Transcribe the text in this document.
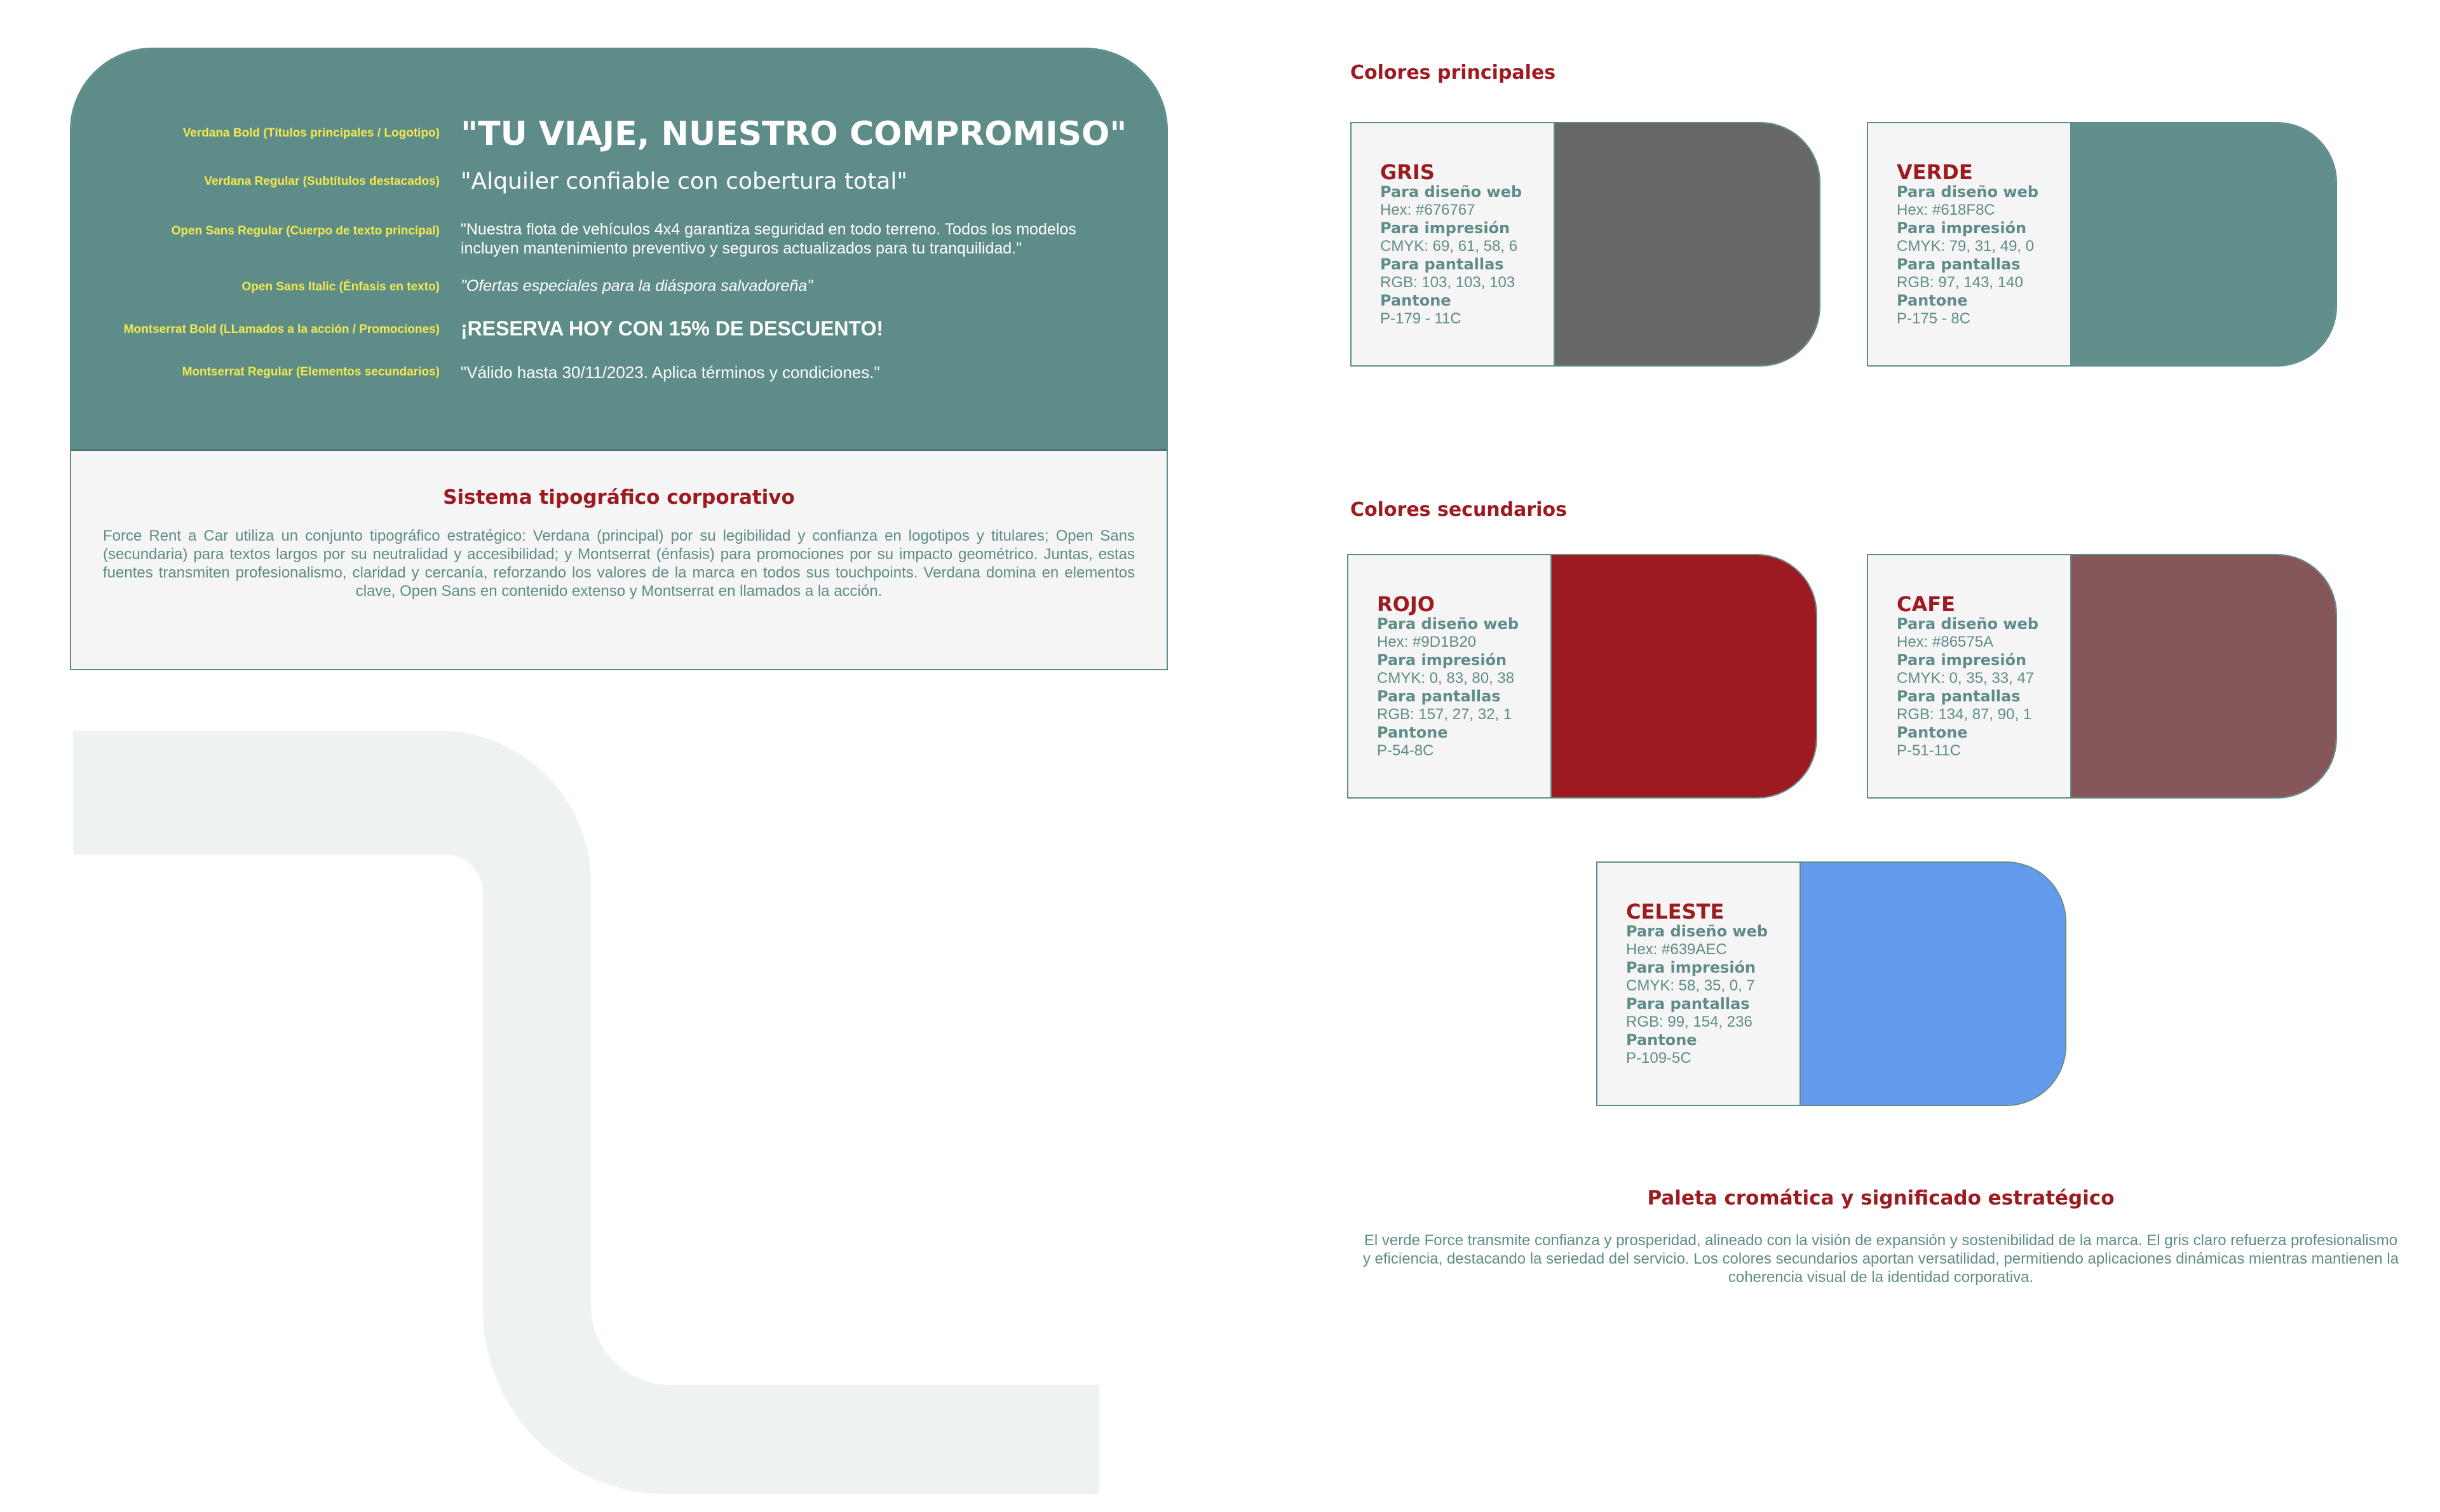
Verdana Bold (Títulos principales / Logotipo) "TU VIAJE, NUESTRO COMPROMISO"
Verdana Regular (Subtítulos destacados) "Alquiler confiable con cobertura total"
Open Sans Regular (Cuerpo de texto principal) "Nuestra flota de vehículos 4x4 garantiza seguridad en todo terreno. Todos los modelos incluyen mantenimiento preventivo y seguros actualizados para tu tranquilidad."
Open Sans Italic (Énfasis en texto) "Ofertas especiales para la diáspora salvadoreña"
Montserrat Bold (LLamados a la acción / Promociones) ¡RESERVA HOY CON 15% DE DESCUENTO!
Montserrat Regular (Elementos secundarios) "Válido hasta 30/11/2023. Aplica términos y condiciones."
Sistema tipográfico corporativo
Force Rent a Car utiliza un conjunto tipográfico estratégico: Verdana (principal) por su legibilidad y confianza en logotipos y titulares; Open Sans (secundaria) para textos largos por su neutralidad y accesibilidad; y Montserrat (énfasis) para promociones por su impacto geométrico. Juntas, estas fuentes transmiten profesionalismo, claridad y cercanía, reforzando los valores de la marca en todos sus touchpoints. Verdana domina en elementos clave, Open Sans en contenido extenso y Montserrat en llamados a la acción.
Colores principales
Colores secundarios
GRIS
Para diseño web
Hex: #676767
Para impresión
CMYK: 69, 61, 58, 6
Para pantallas
RGB: 103, 103, 103
Pantone
P-179 - 11C
VERDE
Para diseño web
Hex: #618F8C
Para impresión
CMYK: 79, 31, 49, 0
Para pantallas
RGB: 97, 143, 140
Pantone
P-175 - 8C
ROJO
Para diseño web
Hex: #9D1B20
Para impresión
CMYK: 0, 83, 80, 38
Para pantallas
RGB: 157, 27, 32, 1
Pantone
P-54-8C
CAFE
Para diseño web
Hex: #86575A
Para impresión
CMYK: 0, 35, 33, 47
Para pantallas
RGB: 134, 87, 90, 1
Pantone
P-51-11C
CELESTE
Para diseño web
Hex: #639AEC
Para impresión
CMYK: 58, 35, 0, 7
Para pantallas
RGB: 99, 154, 236
Pantone
P-109-5C
Paleta cromática y significado estratégico
El verde Force transmite confianza y prosperidad, alineado con la visión de expansión y sostenibilidad de la marca. El gris claro refuerza profesionalismo y eficiencia, destacando la seriedad del servicio. Los colores secundarios aportan versatilidad, permitiendo aplicaciones dinámicas mientras mantienen la coherencia visual de la identidad corporativa.
